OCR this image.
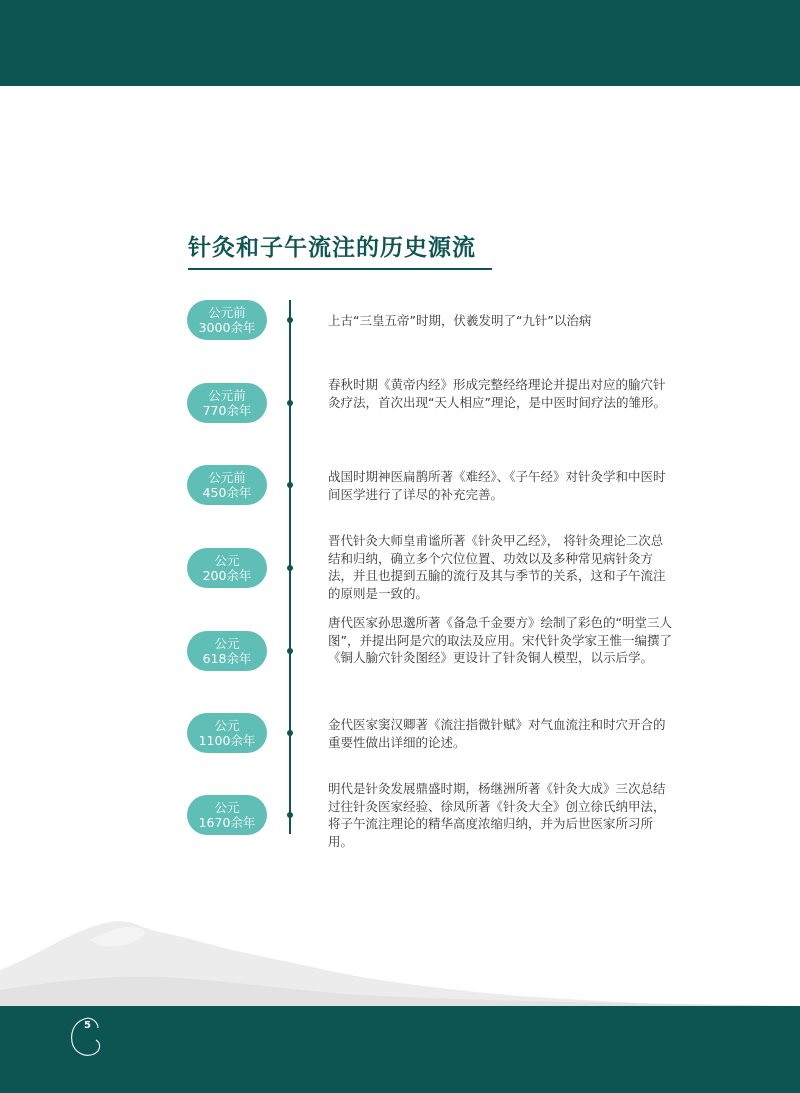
针灸和子午流注的历史源流
公元前
3000余年	上古“三皇五帝”时期，伏羲发明了“九针”以治病
公元前
770余年
春秋时期《黄帝内经》形成完整经络理论并提出对应的腧穴针灸疗法，首次出现“天人相应”理论，是中医时间疗法的雏形。
公元前
450余年
战国时期神医扁鹊所著《难经》、《子午经》对针灸学和中医时间医学进行了详尽的补充完善。
公元
200余年
晋代针灸大师皇甫谧所著《针灸甲乙经》， 将针灸理论二次总结和归纳，确立多个穴位位置、功效以及多种常见病针灸方法，并且也提到五腧的流行及其与季节的关系，这和子午流注的原则是一致的。
公元
618余年
唐代医家孙思邈所著《备急千金要方》绘制了彩色的“明堂三人图”，并提出阿是穴的取法及应用。宋代针灸学家王惟一编撰了《铜人腧穴针灸图经》更设计了针灸铜人模型，以示后学。
公元
1100余年
金代医家窦汉卿著《流注指微针赋》对气血流注和时穴开合的重要性做出详细的论述。
公元
1670余年
明代是针灸发展鼎盛时期，杨继洲所著《针灸大成》三次总结过往针灸医家经验、徐凤所著《针灸大全》创立徐氏纳甲法，将子午流注理论的精华高度浓缩归纳，并为后世医家所习所用。
5
